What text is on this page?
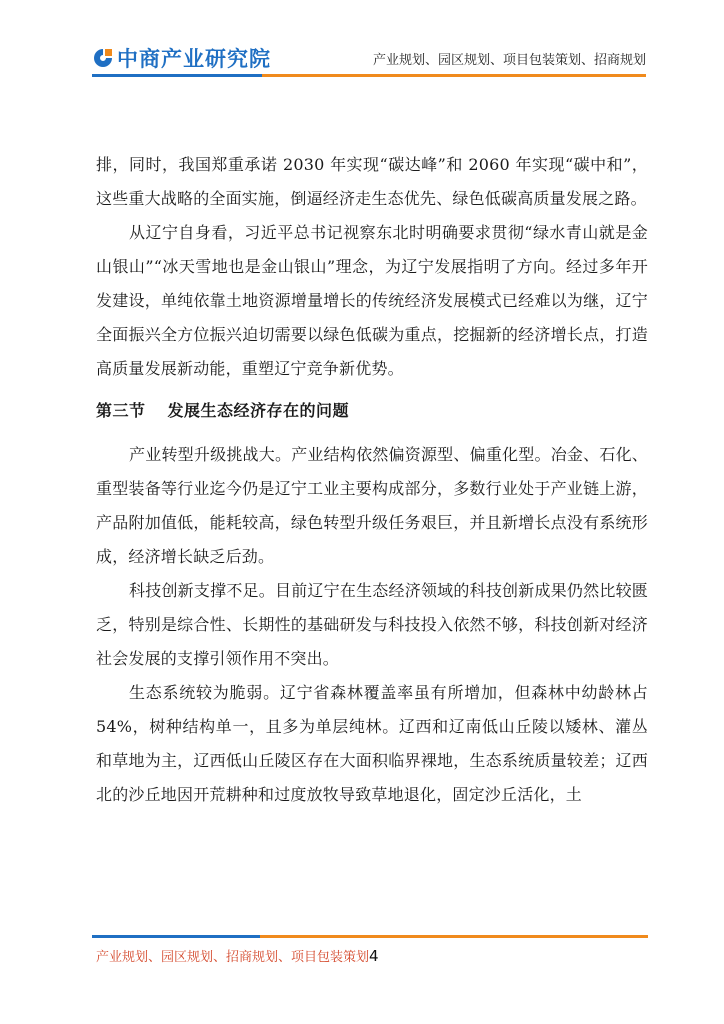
中商产业研究院	产业规划、园区规划、项目包装策划、招商规划

排，同时，我国郑重承诺 2030 年实现“碳达峰”和 2060 年实现“碳中和”，这些重大战略的全面实施，倒逼经济走生态优先、绿色低碳高质量发展之路。

从辽宁自身看，习近平总书记视察东北时明确要求贯彻“绿水青山就是金山银山”“冰天雪地也是金山银山”理念，为辽宁发展指明了方向。经过多年开发建设，单纯依靠土地资源增量增长的传统经济发展模式已经难以为继，辽宁全面振兴全方位振兴迫切需要以绿色低碳为重点，挖掘新的经济增长点，打造高质量发展新动能，重塑辽宁竞争新优势。

第三节 发展生态经济存在的问题

产业转型升级挑战大。产业结构依然偏资源型、偏重化型。冶金、石化、重型装备等行业迄今仍是辽宁工业主要构成部分，多数行业处于产业链上游，产品附加值低，能耗较高，绿色转型升级任务艰巨，并且新增长点没有系统形成，经济增长缺乏后劲。

科技创新支撑不足。目前辽宁在生态经济领域的科技创新成果仍然比较匮乏，特别是综合性、长期性的基础研发与科技投入依然不够，科技创新对经济社会发展的支撑引领作用不突出。

生态系统较为脆弱。辽宁省森林覆盖率虽有所增加，但森林中幼龄林占 54%，树种结构单一，且多为单层纯林。辽西和辽南低山丘陵以矮林、灌丛和草地为主，辽西低山丘陵区存在大面积临界裸地，生态系统质量较差；辽西北的沙丘地因开荒耕种和过度放牧导致草地退化，固定沙丘活化，土

产业规划、园区规划、招商规划、项目包装策划4
